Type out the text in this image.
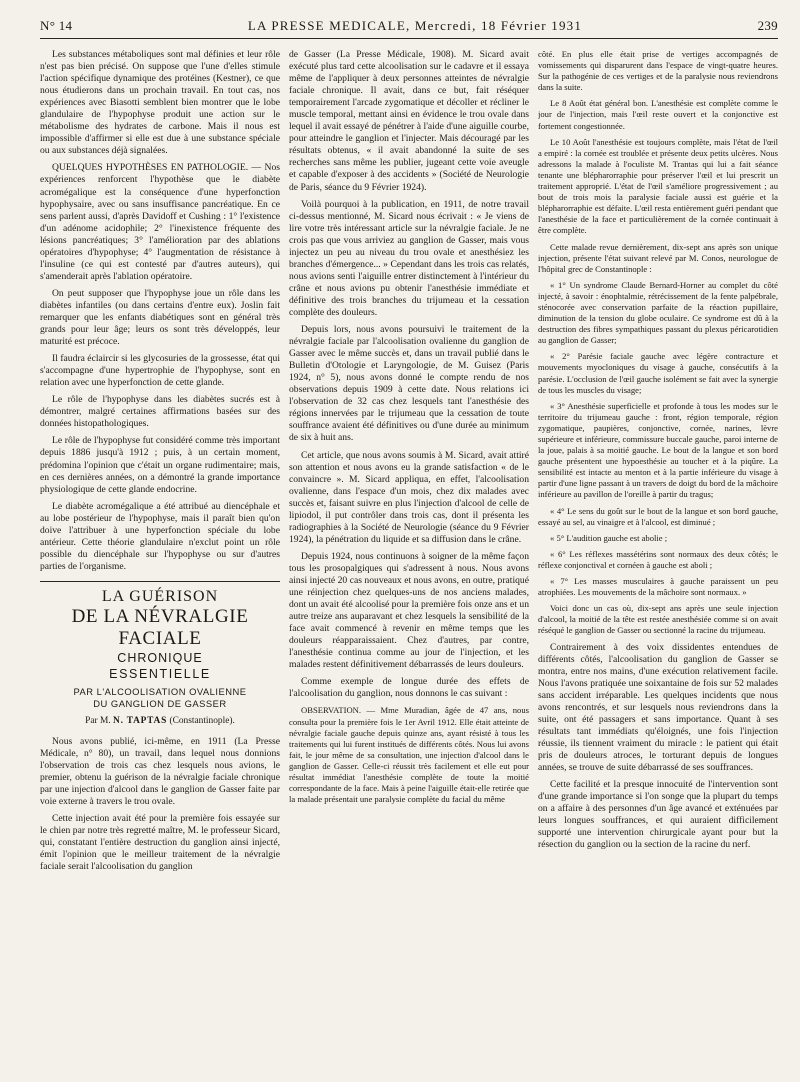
N° 14	LA PRESSE MEDICALE, Mercredi, 18 Février 1931	239

Les substances métaboliques sont mal définies et leur rôle n'est pas bien précisé. On suppose que l'une d'elles stimule l'action spécifique dynamique des protéines (Kestner), ce que nous étudierons dans un prochain travail. En tout cas, nos expériences avec Biasotti semblent bien montrer que le lobe glandulaire de l'hypophyse produit une action sur le métabolisme des hydrates de carbone. Mais il nous est impossible d'affirmer si elle est due à une substance spéciale ou aux substances déjà signalées.

QUELQUES HYPOTHÈSES EN PATHOLOGIE. — Nos expériences renforcent l'hypothèse que le diabète acromégalique est la conséquence d'une hyperfonction hypophysaire, avec ou sans insuffisance pancréatique. En ce sens parlent aussi, d'après Davidoff et Cushing : 1° l'existence d'un adénome acidophile; 2° l'inexistence fréquente des lésions pancréatiques; 3° l'amélioration par des ablations opératoires d'hypophyse; 4° l'augmentation de résistance à l'insuline (ce qui est contesté par d'autres auteurs), qui s'amenderait après l'ablation opératoire.

On peut supposer que l'hypophyse joue un rôle dans les diabètes infantiles (ou dans certains d'entre eux). Joslin fait remarquer que les enfants diabétiques sont en général très grands pour leur âge; leurs os sont très développés, leur maturité est précoce.

Il faudra éclaircir si les glycosuries de la grossesse, état qui s'accompagne d'une hypertrophie de l'hypophyse, sont en relation avec une hyperfonction de cette glande.

Le rôle de l'hypophyse dans les diabètes sucrés est à démontrer, malgré certaines affirmations basées sur des données histopathologiques.

Le rôle de l'hypophyse fut considéré comme très important depuis 1886 jusqu'à 1912 ; puis, à un certain moment, prédomina l'opinion que c'était un organe rudimentaire; mais, en ces dernières années, on a démontré la grande importance physiologique de cette glande endocrine.

Le diabète acromégalique a été attribué au diencéphale et au lobe postérieur de l'hypophyse, mais il paraît bien qu'on doive l'attribuer à une hyperfonction spéciale du lobe antérieur. Cette théorie glandulaire n'exclut point un rôle possible du diencéphale sur l'hypophyse ou sur d'autres parties de l'organisme.

LA GUÉRISON
DE LA NÉVRALGIE FACIALE
CHRONIQUE
ESSENTIELLE
PAR L'ALCOOLISATION OVALIENNE
DU GANGLION DE GASSER
Par M. N. TAPTAS (Constantinople).

Nous avons publié, ici-même, en 1911 (La Presse Médicale, n° 80), un travail, dans lequel nous donnions l'observation de trois cas chez lesquels nous avions, le premier, obtenu la guérison de la névralgie faciale chronique par une injection d'alcool dans le ganglion de Gasser faite par voie externe à travers le trou ovale.

Cette injection avait été pour la première fois essayée sur le chien par notre très regretté maître, M. le professeur Sicard, qui, constatant l'entière destruction du ganglion ainsi injecté, émit l'opinion que le meilleur traitement de la névralgie faciale serait l'alcoolisation du ganglion

de Gasser (La Presse Médicale, 1908). M. Sicard avait exécuté plus tard cette alcoolisation sur le cadavre et il essaya même de l'appliquer à deux personnes atteintes de névralgie faciale chronique. Il avait, dans ce but, fait réséquer temporairement l'arcade zygomatique et décoller et récliner le muscle temporal, mettant ainsi en évidence le trou ovale dans lequel il avait essayé de pénétrer à l'aide d'une aiguille courbe, pour atteindre le ganglion et l'injecter. Mais découragé par les résultats obtenus, « il avait abandonné la suite de ses recherches sans même les publier, jugeant cette voie aveugle et capable d'exposer à des accidents » (Société de Neurologie de Paris, séance du 9 Février 1924).

Voilà pourquoi à la publication, en 1911, de notre travail ci-dessus mentionné, M. Sicard nous écrivait : « Je viens de lire votre très intéressant article sur la névralgie faciale. Je ne crois pas que vous arriviez au ganglion de Gasser, mais vous injectez un peu au niveau du trou ovale et anesthésiez les branches d'émergence... » Cependant dans les trois cas relatés, nous avions senti l'aiguille entrer distinctement à l'intérieur du crâne et nous avions pu obtenir l'anesthésie immédiate et définitive des trois branches du trijumeau et la cessation complète des douleurs.

Depuis lors, nous avons poursuivi le traitement de la névralgie faciale par l'alcoolisation ovalienne du ganglion de Gasser avec le même succès et, dans un travail publié dans le Bulletin d'Otologie et Laryngologie, de M. Guisez (Paris 1924, n° 5), nous avons donné le compte rendu de nos observations depuis 1909 à cette date. Nous relations ici l'observation de 32 cas chez lesquels tant l'anesthésie des régions innervées par le trijumeau que la cessation de toute souffrance avaient été définitives ou d'une durée au minimum de six à huit ans.

Cet article, que nous avons soumis à M. Sicard, avait attiré son attention et nous avons eu la grande satisfaction « de le convaincre ». M. Sicard appliqua, en effet, l'alcoolisation ovalienne, dans l'espace d'un mois, chez dix malades avec succès et, faisant suivre en plus l'injection d'alcool de celle de lipiodol, il put contrôler dans trois cas, dont il présenta les radiographies à la Société de Neurologie (séance du 9 Février 1924), la pénétration du liquide et sa diffusion dans le crâne.

Depuis 1924, nous continuons à soigner de la même façon tous les prosopalgiques qui s'adressent à nous. Nous avons ainsi injecté 20 cas nouveaux et nous avons, en outre, pratiqué une réinjection chez quelques-uns de nos anciens malades, dont un avait été alcoolisé pour la première fois onze ans et un autre treize ans auparavant et chez lesquels la sensibilité de la face avait commencé à revenir en même temps que les douleurs réapparaissaient. Chez d'autres, par contre, l'anesthésie continua comme au jour de l'injection, et les malades restent définitivement débarrassés de leurs douleurs.

Comme exemple de longue durée des effets de l'alcoolisation du ganglion, nous donnons le cas suivant :

OBSERVATION. — Mme Muradian, âgée de 47 ans, nous consulta pour la première fois le 1er Avril 1912. Elle était atteinte de névralgie faciale gauche depuis quinze ans, ayant résisté à tous les traitements qui lui furent institués de différents côtés. Nous lui avons fait, le jour même de sa consultation, une injection d'alcool dans le ganglion de Gasser. Celle-ci réussit très facilement et elle eut pour résultat immédiat l'anesthésie complète de toute la moitié correspondante de la face. Mais à peine l'aiguille était-elle retirée que la malade présentait une paralysie complète du facial du même

côté. En plus elle était prise de vertiges accompagnés de vomissements qui disparurent dans l'espace de vingt-quatre heures. Sur la pathogénie de ces vertiges et de la paralysie nous reviendrons dans la suite.

Le 8 Août état général bon. L'anesthésie est complète comme le jour de l'injection, mais l'œil reste ouvert et la conjonctive est fortement congestionnée.

Le 10 Août l'anesthésie est toujours complète, mais l'état de l'œil a empiré : la cornée est troublée et présente deux petits ulcères. Nous adressons la malade à l'oculiste M. Trantas qui lui a fait séance tenante une blépharorraphie pour préserver l'œil et lui prescrit un traitement approprié. L'état de l'œil s'améliore progressivement ; au bout de trois mois la paralysie faciale aussi est guérie et la blépharorraphie est défaite. L'œil resta entièrement guéri pendant que l'anesthésie de la face et particulièrement de la cornée continuait à être complète.

Cette malade revue dernièrement, dix-sept ans après son unique injection, présente l'état suivant relevé par M. Conos, neurologue de l'hôpital grec de Constantinople :

« 1° Un syndrome Claude Bernard-Horner au complet du côté injecté, à savoir : énophtalmie, rétrécissement de la fente palpébrale, sténocorée avec conservation parfaite de la réaction pupillaire, diminution de la tension du globe oculaire. Ce syndrome est dû à la destruction des fibres sympathiques passant du plexus péricarotidien au ganglion de Gasser;

« 2° Parésie faciale gauche avec légère contracture et mouvements myocloniques du visage à gauche, consécutifs à la parésie. L'occlusion de l'œil gauche isolément se fait avec la synergie de tous les muscles du visage;

« 3° Anesthésie superficielle et profonde à tous les modes sur le territoire du trijumeau gauche : front, région temporale, région zygomatique, paupières, conjonctive, cornée, narines, lèvre supérieure et inférieure, commissure buccale gauche, paroi interne de la joue, palais à sa moitié gauche. Le bout de la langue et son bord gauche présentent une hypoesthésie au toucher et à la piqûre. La sensibilité est intacte au menton et à la partie inférieure du visage à partir d'une ligne passant à un travers de doigt du bord de la mâchoire inférieure au pavillon de l'oreille à partir du tragus;

« 4° Le sens du goût sur le bout de la langue et son bord gauche, essayé au sel, au vinaigre et à l'alcool, est diminué ;

« 5° L'audition gauche est abolie ;

« 6° Les réflexes massétérins sont normaux des deux côtés; le réflexe conjonctival et cornéen à gauche est aboli ;

« 7° Les masses musculaires à gauche paraissent un peu atrophiées. Les mouvements de la mâchoire sont normaux. »

Voici donc un cas où, dix-sept ans après une seule injection d'alcool, la moitié de la tête est restée anesthésiée comme si on avait réséqué le ganglion de Gasser ou sectionné la racine du trijumeau.

Contrairement à des voix dissidentes entendues de différents côtés, l'alcoolisation du ganglion de Gasser se montra, entre nos mains, d'une exécution relativement facile. Nous l'avons pratiquée une soixantaine de fois sur 52 malades sans accident irréparable. Les quelques incidents que nous avons rencontrés, et sur lesquels nous reviendrons dans la suite, ont été passagers et sans importance. Quant à ses résultats tant immédiats qu'éloignés, une fois l'injection réussie, ils tiennent vraiment du miracle : le patient qui était pris de douleurs atroces, le torturant depuis de longues années, se trouve de suite débarrassé de ses souffrances.

Cette facilité et la presque innocuité de l'intervention sont d'une grande importance si l'on songe que la plupart du temps on a affaire à des personnes d'un âge avancé et exténuées par leurs longues souffrances, et qui auraient difficilement supporté une intervention chirurgicale ayant pour but la résection du ganglion ou la section de la racine du nerf.
